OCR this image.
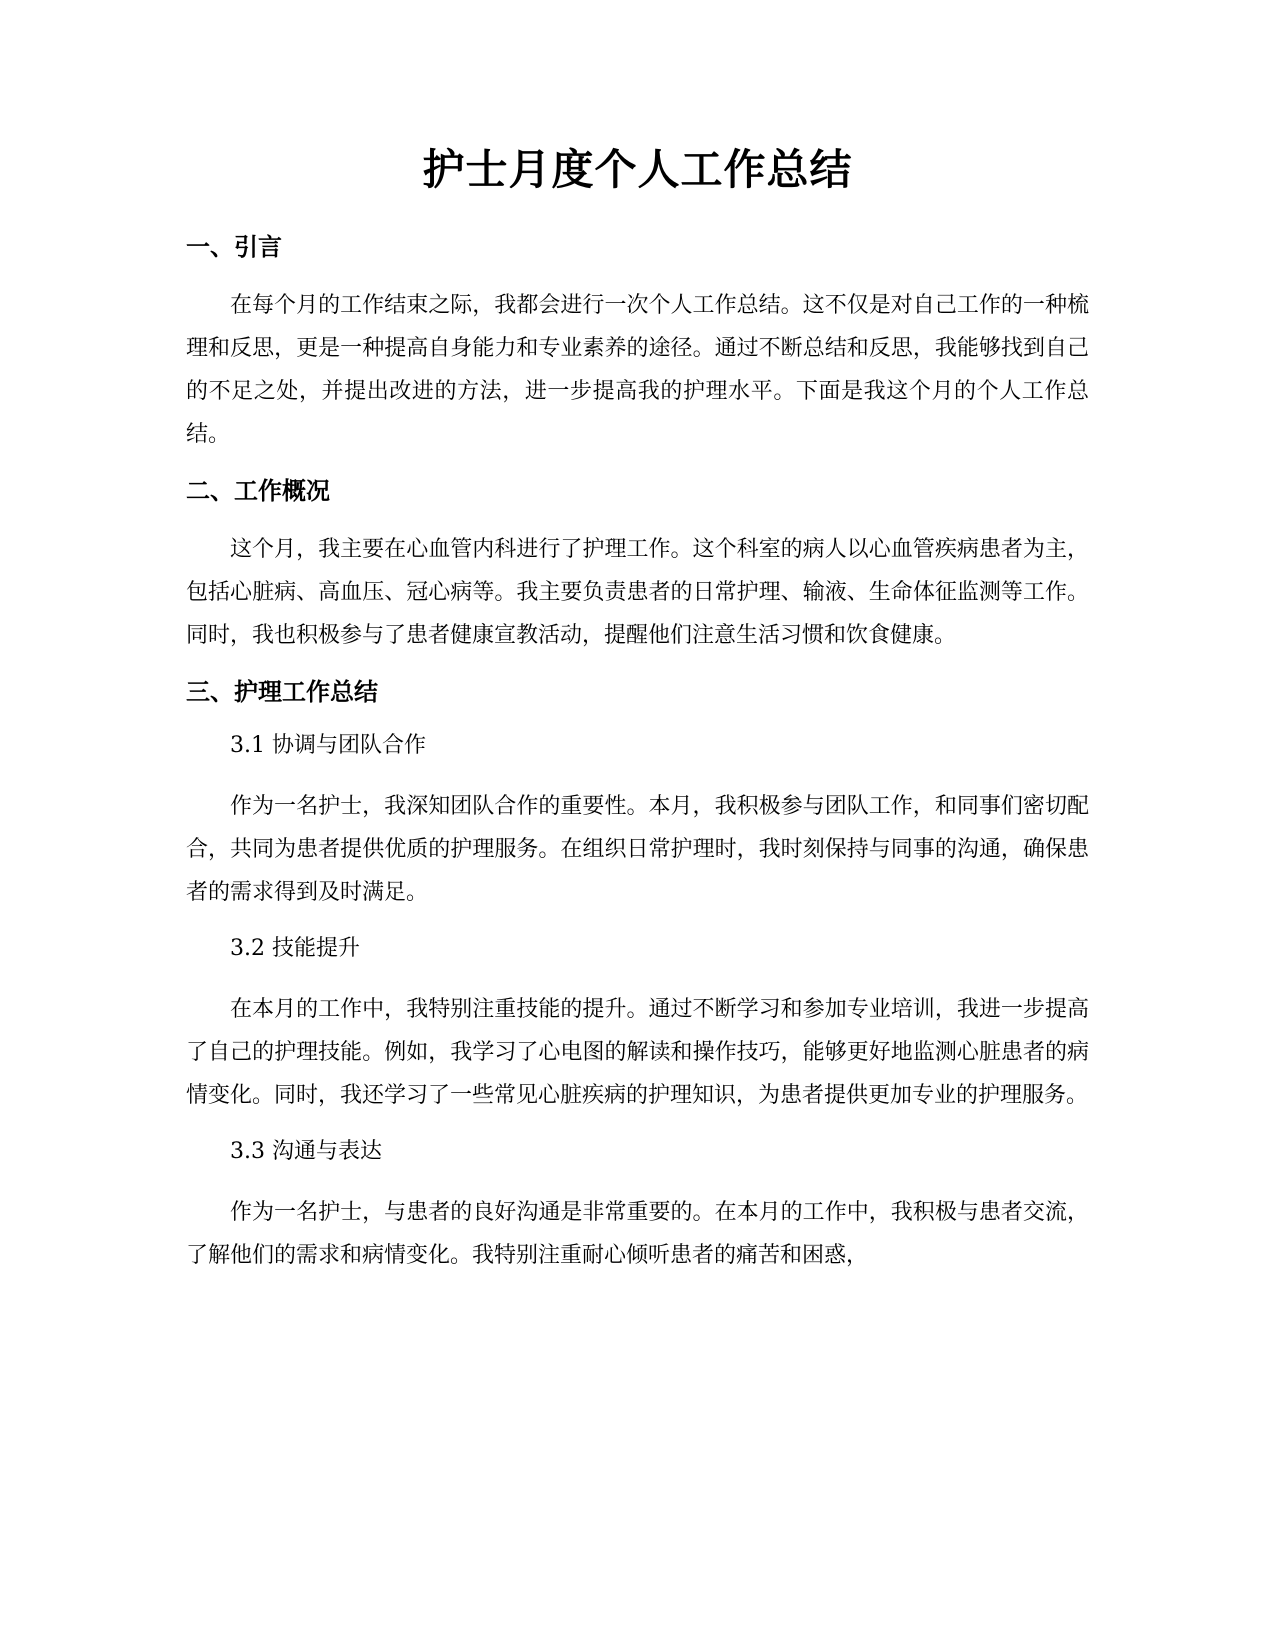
护士月度个人工作总结
一、引言

在每个月的工作结束之际，我都会进行一次个人工作总结。这不仅是对自己工作的一种梳理和反思，更是一种提高自身能力和专业素养的途径。通过不断总结和反思，我能够找到自己的不足之处，并提出改进的方法，进一步提高我的护理水平。下面是我这个月的个人工作总结。

二、工作概况

这个月，我主要在心血管内科进行了护理工作。这个科室的病人以心血管疾病患者为主，包括心脏病、高血压、冠心病等。我主要负责患者的日常护理、输液、生命体征监测等工作。同时，我也积极参与了患者健康宣教活动，提醒他们注意生活习惯和饮食健康。

三、护理工作总结
3.1 协调与团队合作

作为一名护士，我深知团队合作的重要性。本月，我积极参与团队工作，和同事们密切配合，共同为患者提供优质的护理服务。在组织日常护理时，我时刻保持与同事的沟通，确保患者的需求得到及时满足。

3.2 技能提升

在本月的工作中，我特别注重技能的提升。通过不断学习和参加专业培训，我进一步提高了自己的护理技能。例如，我学习了心电图的解读和操作技巧，能够更好地监测心脏患者的病情变化。同时，我还学习了一些常见心脏疾病的护理知识，为患者提供更加专业的护理服务。

3.3 沟通与表达

作为一名护士，与患者的良好沟通是非常重要的。在本月的工作中，我积极与患者交流，了解他们的需求和病情变化。我特别注重耐心倾听患者的痛苦和困惑，
